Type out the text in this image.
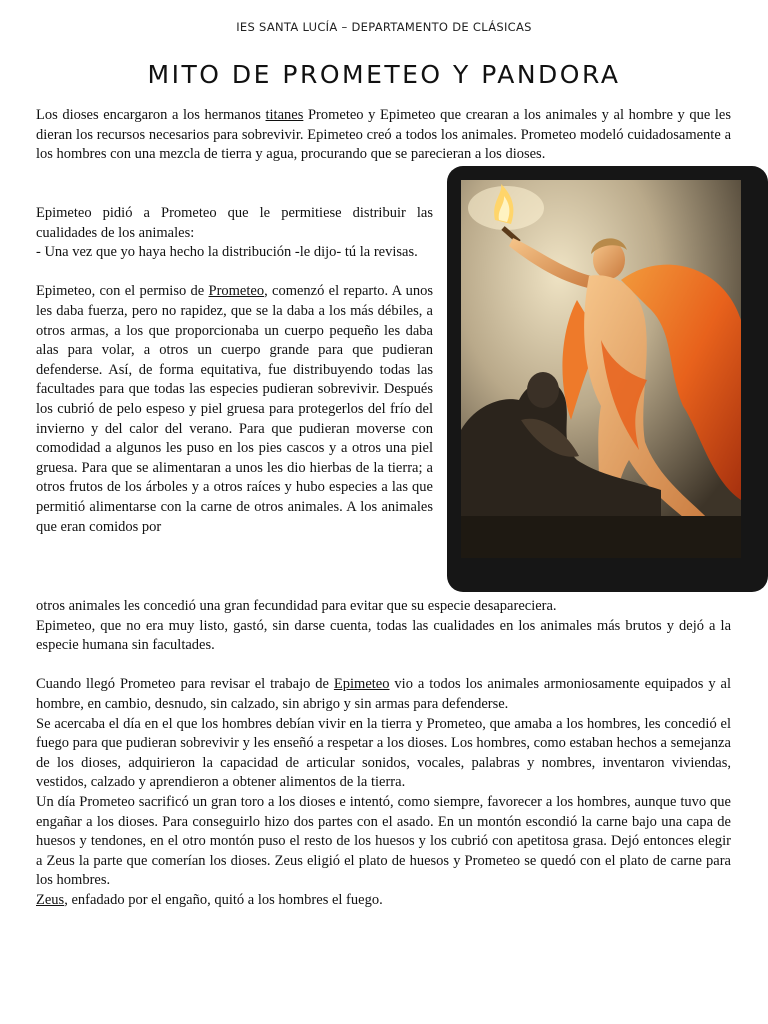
IES SANTA LUCÍA – DEPARTAMENTO DE CLÁSICAS
MITO DE PROMETEO Y PANDORA

Los dioses encargaron a los hermanos titanes Prometeo y Epimeteo que crearan a los animales y al hombre y que les dieran los recursos necesarios para sobrevivir. Epimeteo creó a todos los animales. Prometeo modeló cuidadosamente a los hombres con una mezcla de tierra y agua, procurando que se parecieran a los dioses.

Epimeteo pidió a Prometeo que le permitiese distribuir las cualidades de los animales:

- Una vez que yo haya hecho la distribución -le dijo- tú la revisas.

Epimeteo, con el permiso de Prometeo, comenzó el reparto. A unos les daba fuerza, pero no rapidez, que se la daba a los más débiles, a otros armas, a los que proporcionaba un cuerpo pequeño les daba alas para volar, a otros un cuerpo grande para que pudieran defenderse. Así, de forma equitativa, fue distribuyendo todas las facultades para que todas las especies pudieran sobrevivir. Después los cubrió de pelo espeso y piel gruesa para protegerlos del frío del invierno y del calor del verano. Para que pudieran moverse con comodidad a algunos les puso en los pies cascos y a otros una piel gruesa. Para que se alimentaran a unos les dio hierbas de la tierra; a otros frutos de los árboles y a otros raíces y hubo especies a las que permitió alimentarse con la carne de otros animales. A los animales que eran comidos por

otros animales les concedió una gran fecundidad para evitar que su especie desapareciera.

Epimeteo, que no era muy listo, gastó, sin darse cuenta, todas las cualidades en los animales más brutos y dejó a la especie humana sin facultades.

Cuando llegó Prometeo para revisar el trabajo de Epimeteo vio a todos los animales armoniosamente equipados y al hombre, en cambio, desnudo, sin calzado, sin abrigo y sin armas para defenderse.

Se acercaba el día en el que los hombres debían vivir en la tierra y Prometeo, que amaba a los hombres, les concedió el fuego para que pudieran sobrevivir y les enseñó a respetar a los dioses. Los hombres, como estaban hechos a semejanza de los dioses, adquirieron la capacidad de articular sonidos, vocales, palabras y nombres, inventaron viviendas, vestidos, calzado y aprendieron a obtener alimentos de la tierra.

Un día Prometeo sacrificó un gran toro a los dioses e intentó, como siempre, favorecer a los hombres, aunque tuvo que engañar a los dioses. Para conseguirlo hizo dos partes con el asado. En un montón escondió la carne bajo una capa de huesos y tendones, en el otro montón puso el resto de los huesos y los cubrió con apetitosa grasa. Dejó entonces elegir a Zeus la parte que comerían los dioses. Zeus eligió el plato de huesos y Prometeo se quedó con el plato de carne para los hombres.

Zeus, enfadado por el engaño, quitó a los hombres el fuego.
